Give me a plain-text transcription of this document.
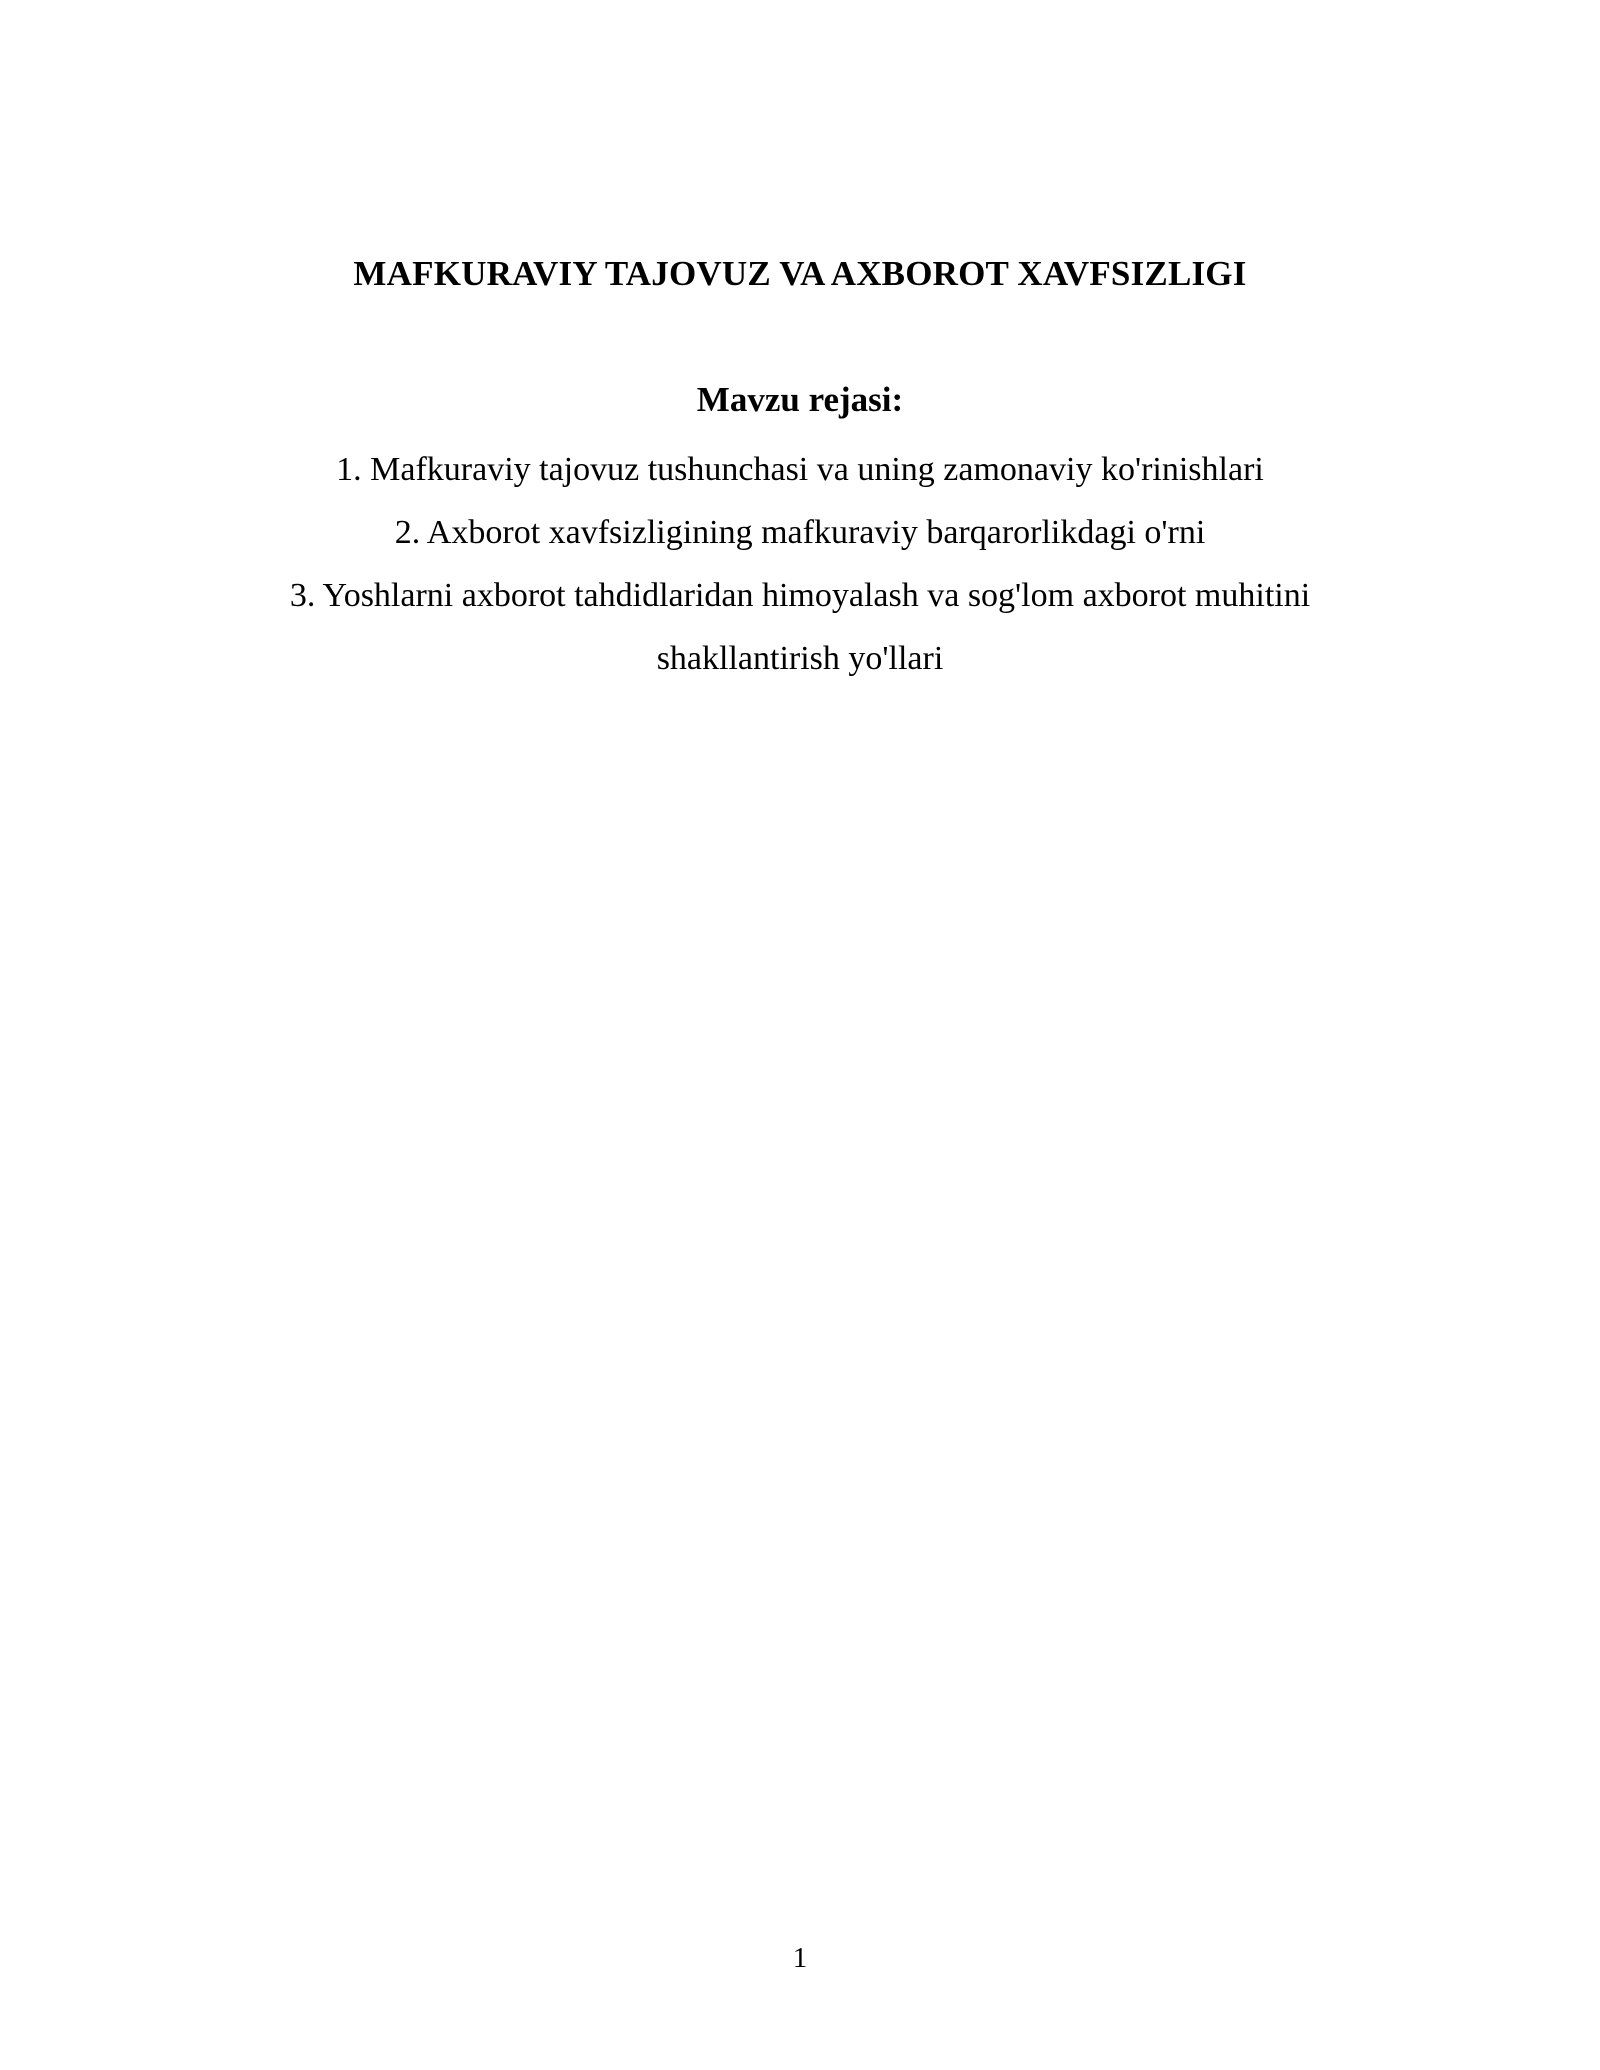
MAFKURAVIY TAJOVUZ VA AXBOROT XAVFSIZLIGI
Mavzu rejasi:
1. Mafkuraviy tajovuz tushunchasi va uning zamonaviy ko'rinishlari
2. Axborot xavfsizligining mafkuraviy barqarorlikdagi o'rni
3. Yoshlarni axborot tahdidlaridan himoyalash va sog'lom axborot muhitini shakllantirish yo'llari
1
